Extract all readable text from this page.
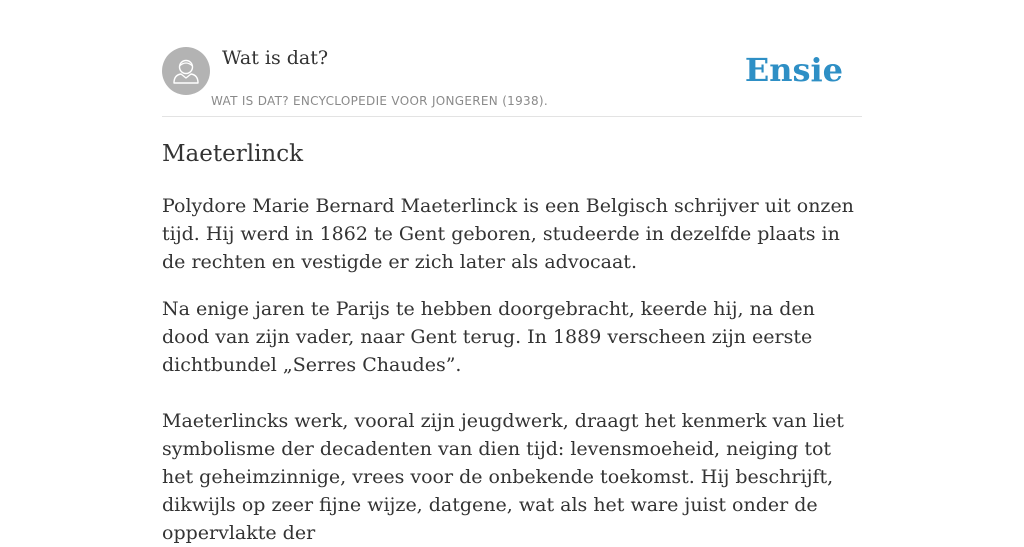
Wat is dat?
WAT IS DAT? ENCYCLOPEDIE VOOR JONGEREN (1938).
Ensie
Maeterlinck

Polydore Marie Bernard Maeterlinck is een Belgisch schrijver uit onzen tijd. Hij werd in 1862 te Gent geboren, studeerde in dezelfde plaats in de rechten en vestigde er zich later als advocaat.

Na enige jaren te Parijs te hebben doorgebracht, keerde hij, na den dood van zijn vader, naar Gent terug. In 1889 verscheen zijn eerste dichtbundel „Serres Chaudes”.

Maeterlincks werk, vooral zijn jeugdwerk, draagt het kenmerk van liet symbolisme der decadenten van dien tijd: levensmoeheid, neiging tot het geheimzinnige, vrees voor de onbekende toekomst. Hij beschrijft, dikwijls op zeer fijne wijze, datgene, wat als het ware juist onder de oppervlakte der
